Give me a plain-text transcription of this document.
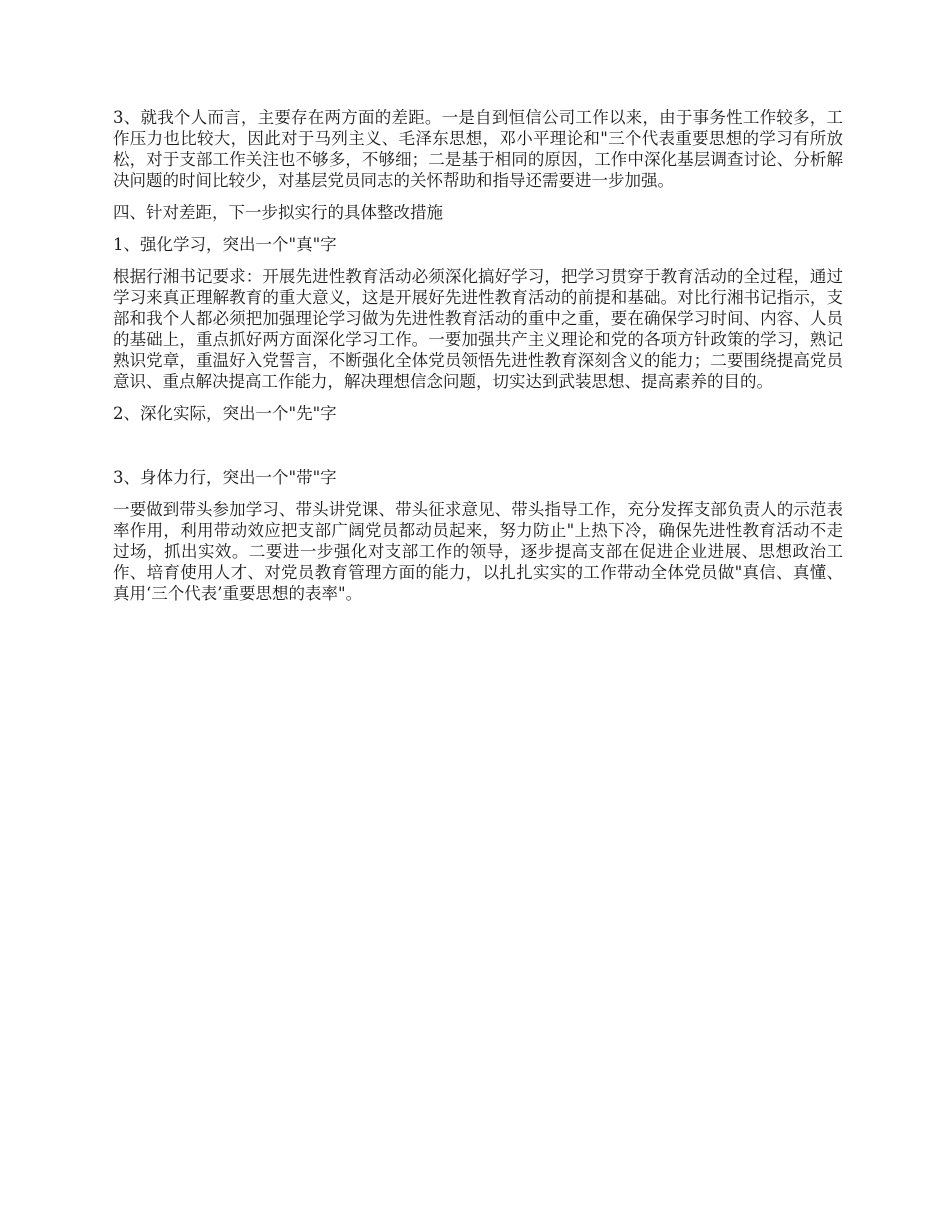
3、就我个人而言，主要存在两方面的差距。一是自到恒信公司工作以来，由于事务性工作较多，工作压力也比较大，因此对于马列主义、毛泽东思想，邓小平理论和"三个代表重要思想的学习有所放松，对于支部工作关注也不够多，不够细；二是基于相同的原因，工作中深化基层调查讨论、分析解决问题的时间比较少，对基层党员同志的关怀帮助和指导还需要进一步加强。

四、针对差距，下一步拟实行的具体整改措施

1、强化学习，突出一个"真"字

根据行湘书记要求：开展先进性教育活动必须深化搞好学习，把学习贯穿于教育活动的全过程，通过学习来真正理解教育的重大意义，这是开展好先进性教育活动的前提和基础。对比行湘书记指示，支部和我个人都必须把加强理论学习做为先进性教育活动的重中之重，要在确保学习时间、内容、人员的基础上，重点抓好两方面深化学习工作。一要加强共产主义理论和党的各项方针政策的学习，熟记熟识党章，重温好入党誓言，不断强化全体党员领悟先进性教育深刻含义的能力；二要围绕提高党员意识、重点解决提高工作能力，解决理想信念问题，切实达到武装思想、提高素养的目的。

2、深化实际，突出一个"先"字

3、身体力行，突出一个"带"字

一要做到带头参加学习、带头讲党课、带头征求意见、带头指导工作，充分发挥支部负责人的示范表率作用，利用带动效应把支部广阔党员都动员起来，努力防止"上热下冷，确保先进性教育活动不走过场，抓出实效。二要进一步强化对支部工作的领导，逐步提高支部在促进企业进展、思想政治工作、培育使用人才、对党员教育管理方面的能力，以扎扎实实的工作带动全体党员做"真信、真懂、真用‘三个代表’重要思想的表率"。
